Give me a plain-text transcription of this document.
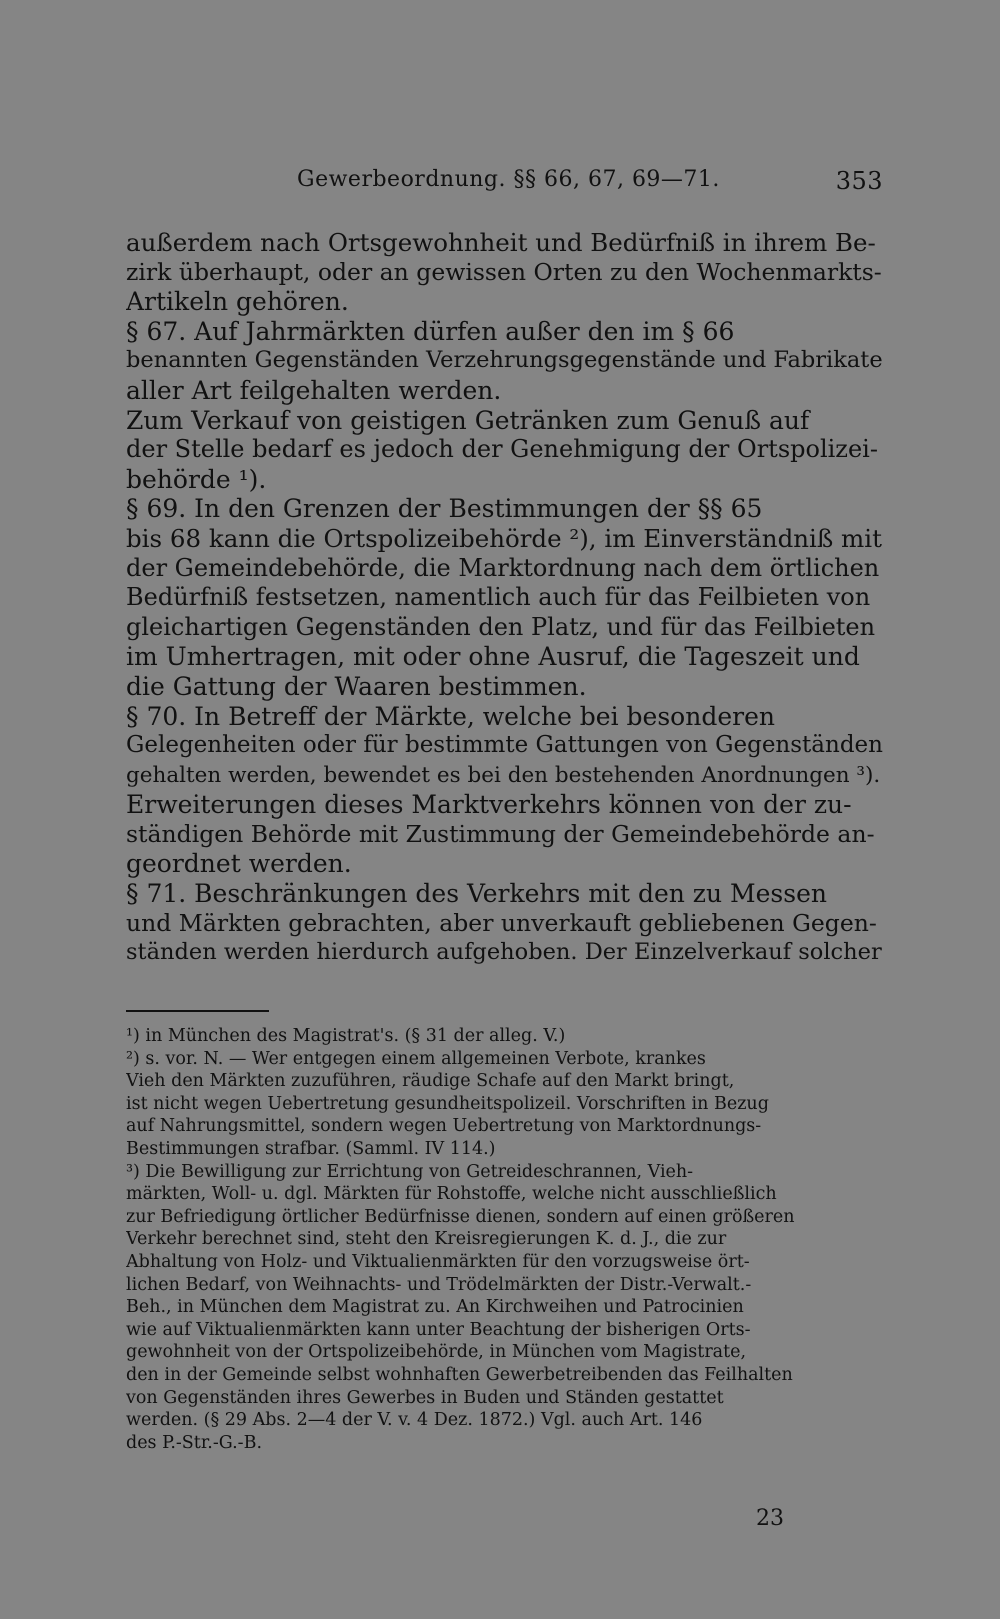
Gewerbeordnung. §§ 66, 67, 69—71.	353
außerdem nach Ortsgewohnheit und Bedürfniß in ihrem Be-
zirk überhaupt, oder an gewissen Orten zu den Wochenmarkts-
Artikeln gehören.
§ 67. Auf Jahrmärkten dürfen außer den im § 66
benannten Gegenständen Verzehrungsgegenstände und Fabrikate
aller Art feilgehalten werden.
Zum Verkauf von geistigen Getränken zum Genuß auf
der Stelle bedarf es jedoch der Genehmigung der Ortspolizei-
behörde ¹).
§ 69. In den Grenzen der Bestimmungen der §§ 65
bis 68 kann die Ortspolizeibehörde ²), im Einverständniß mit
der Gemeindebehörde, die Marktordnung nach dem örtlichen
Bedürfniß festsetzen, namentlich auch für das Feilbieten von
gleichartigen Gegenständen den Platz, und für das Feilbieten
im Umhertragen, mit oder ohne Ausruf, die Tageszeit und
die Gattung der Waaren bestimmen.
§ 70. In Betreff der Märkte, welche bei besonderen
Gelegenheiten oder für bestimmte Gattungen von Gegenständen
gehalten werden, bewendet es bei den bestehenden Anordnungen ³).
Erweiterungen dieses Marktverkehrs können von der zu-
ständigen Behörde mit Zustimmung der Gemeindebehörde an-
geordnet werden.
§ 71. Beschränkungen des Verkehrs mit den zu Messen
und Märkten gebrachten, aber unverkauft gebliebenen Gegen-
ständen werden hierdurch aufgehoben. Der Einzelverkauf solcher
¹) in München des Magistrat's. (§ 31 der alleg. V.)
²) s. vor. N. — Wer entgegen einem allgemeinen Verbote, krankes
Vieh den Märkten zuzuführen, räudige Schafe auf den Markt bringt,
ist nicht wegen Uebertretung gesundheitspolizeil. Vorschriften in Bezug
auf Nahrungsmittel, sondern wegen Uebertretung von Marktordnungs-
Bestimmungen strafbar. (Samml. IV 114.)
³) Die Bewilligung zur Errichtung von Getreideschrannen, Vieh-
märkten, Woll- u. dgl. Märkten für Rohstoffe, welche nicht ausschließlich
zur Befriedigung örtlicher Bedürfnisse dienen, sondern auf einen größeren
Verkehr berechnet sind, steht den Kreisregierungen K. d. J., die zur
Abhaltung von Holz- und Viktualienmärkten für den vorzugsweise ört-
lichen Bedarf, von Weihnachts- und Trödelmärkten der Distr.-Verwalt.-
Beh., in München dem Magistrat zu. An Kirchweihen und Patrocinien
wie auf Viktualienmärkten kann unter Beachtung der bisherigen Orts-
gewohnheit von der Ortspolizeibehörde, in München vom Magistrate,
den in der Gemeinde selbst wohnhaften Gewerbetreibenden das Feilhalten
von Gegenständen ihres Gewerbes in Buden und Ständen gestattet
werden. (§ 29 Abs. 2—4 der V. v. 4 Dez. 1872.) Vgl. auch Art. 146
des P.-Str.-G.-B.
23
